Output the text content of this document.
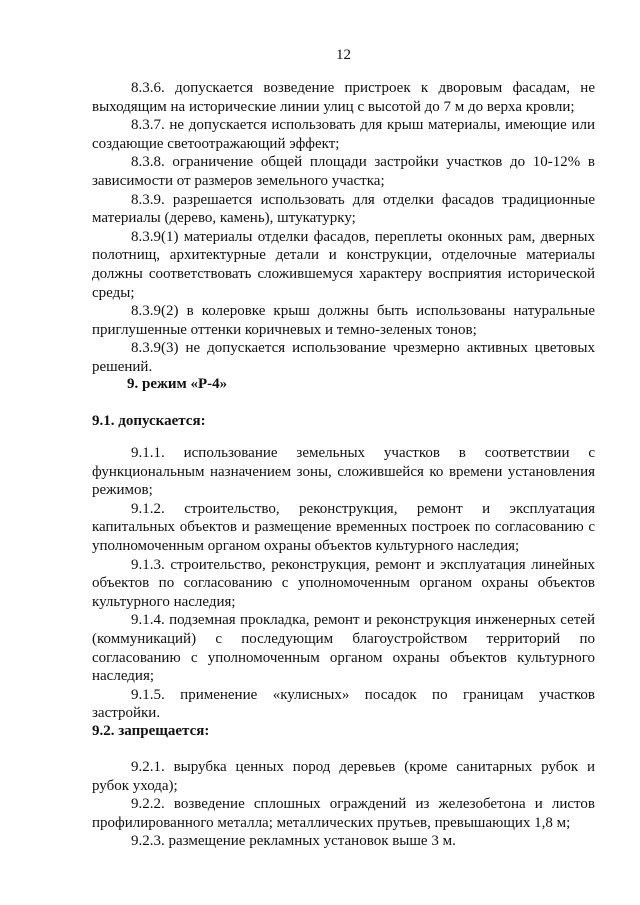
12

8.3.6. допускается возведение пристроек к дворовым фасадам, не выходящим на исторические линии улиц с высотой до 7 м до верха кровли;

8.3.7. не допускается использовать для крыш материалы, имеющие или создающие светоотражающий эффект;

8.3.8. ограничение общей площади застройки участков до 10-12% в зависимости от размеров земельного участка;

8.3.9. разрешается использовать для отделки фасадов традиционные материалы (дерево, камень), штукатурку;

8.3.9(1) материалы отделки фасадов, переплеты оконных рам, дверных полотнищ, архитектурные детали и конструкции, отделочные материалы должны соответствовать сложившемуся характеру восприятия исторической среды;

8.3.9(2) в колеровке крыш должны быть использованы натуральные приглушенные оттенки коричневых и темно-зеленых тонов;

8.3.9(3) не допускается использование чрезмерно активных цветовых решений.

9. режим «Р-4»

9.1. допускается:

9.1.1. использование земельных участков в соответствии с функциональным назначением зоны, сложившейся ко времени установления режимов;

9.1.2. строительство, реконструкция, ремонт и эксплуатация капитальных объектов и размещение временных построек по согласованию с уполномоченным органом охраны объектов культурного наследия;

9.1.3. строительство, реконструкция, ремонт и эксплуатация линейных объектов по согласованию с уполномоченным органом охраны объектов культурного наследия;

9.1.4. подземная прокладка, ремонт и реконструкция инженерных сетей (коммуникаций) с последующим благоустройством территорий по согласованию с уполномоченным органом охраны объектов культурного наследия;

9.1.5. применение «кулисных» посадок по границам участков застройки.

9.2. запрещается:

9.2.1. вырубка ценных пород деревьев (кроме санитарных рубок и рубок ухода);

9.2.2. возведение сплошных ограждений из железобетона и листов профилированного металла; металлических прутьев, превышающих 1,8 м;

9.2.3. размещение рекламных установок выше 3 м.
